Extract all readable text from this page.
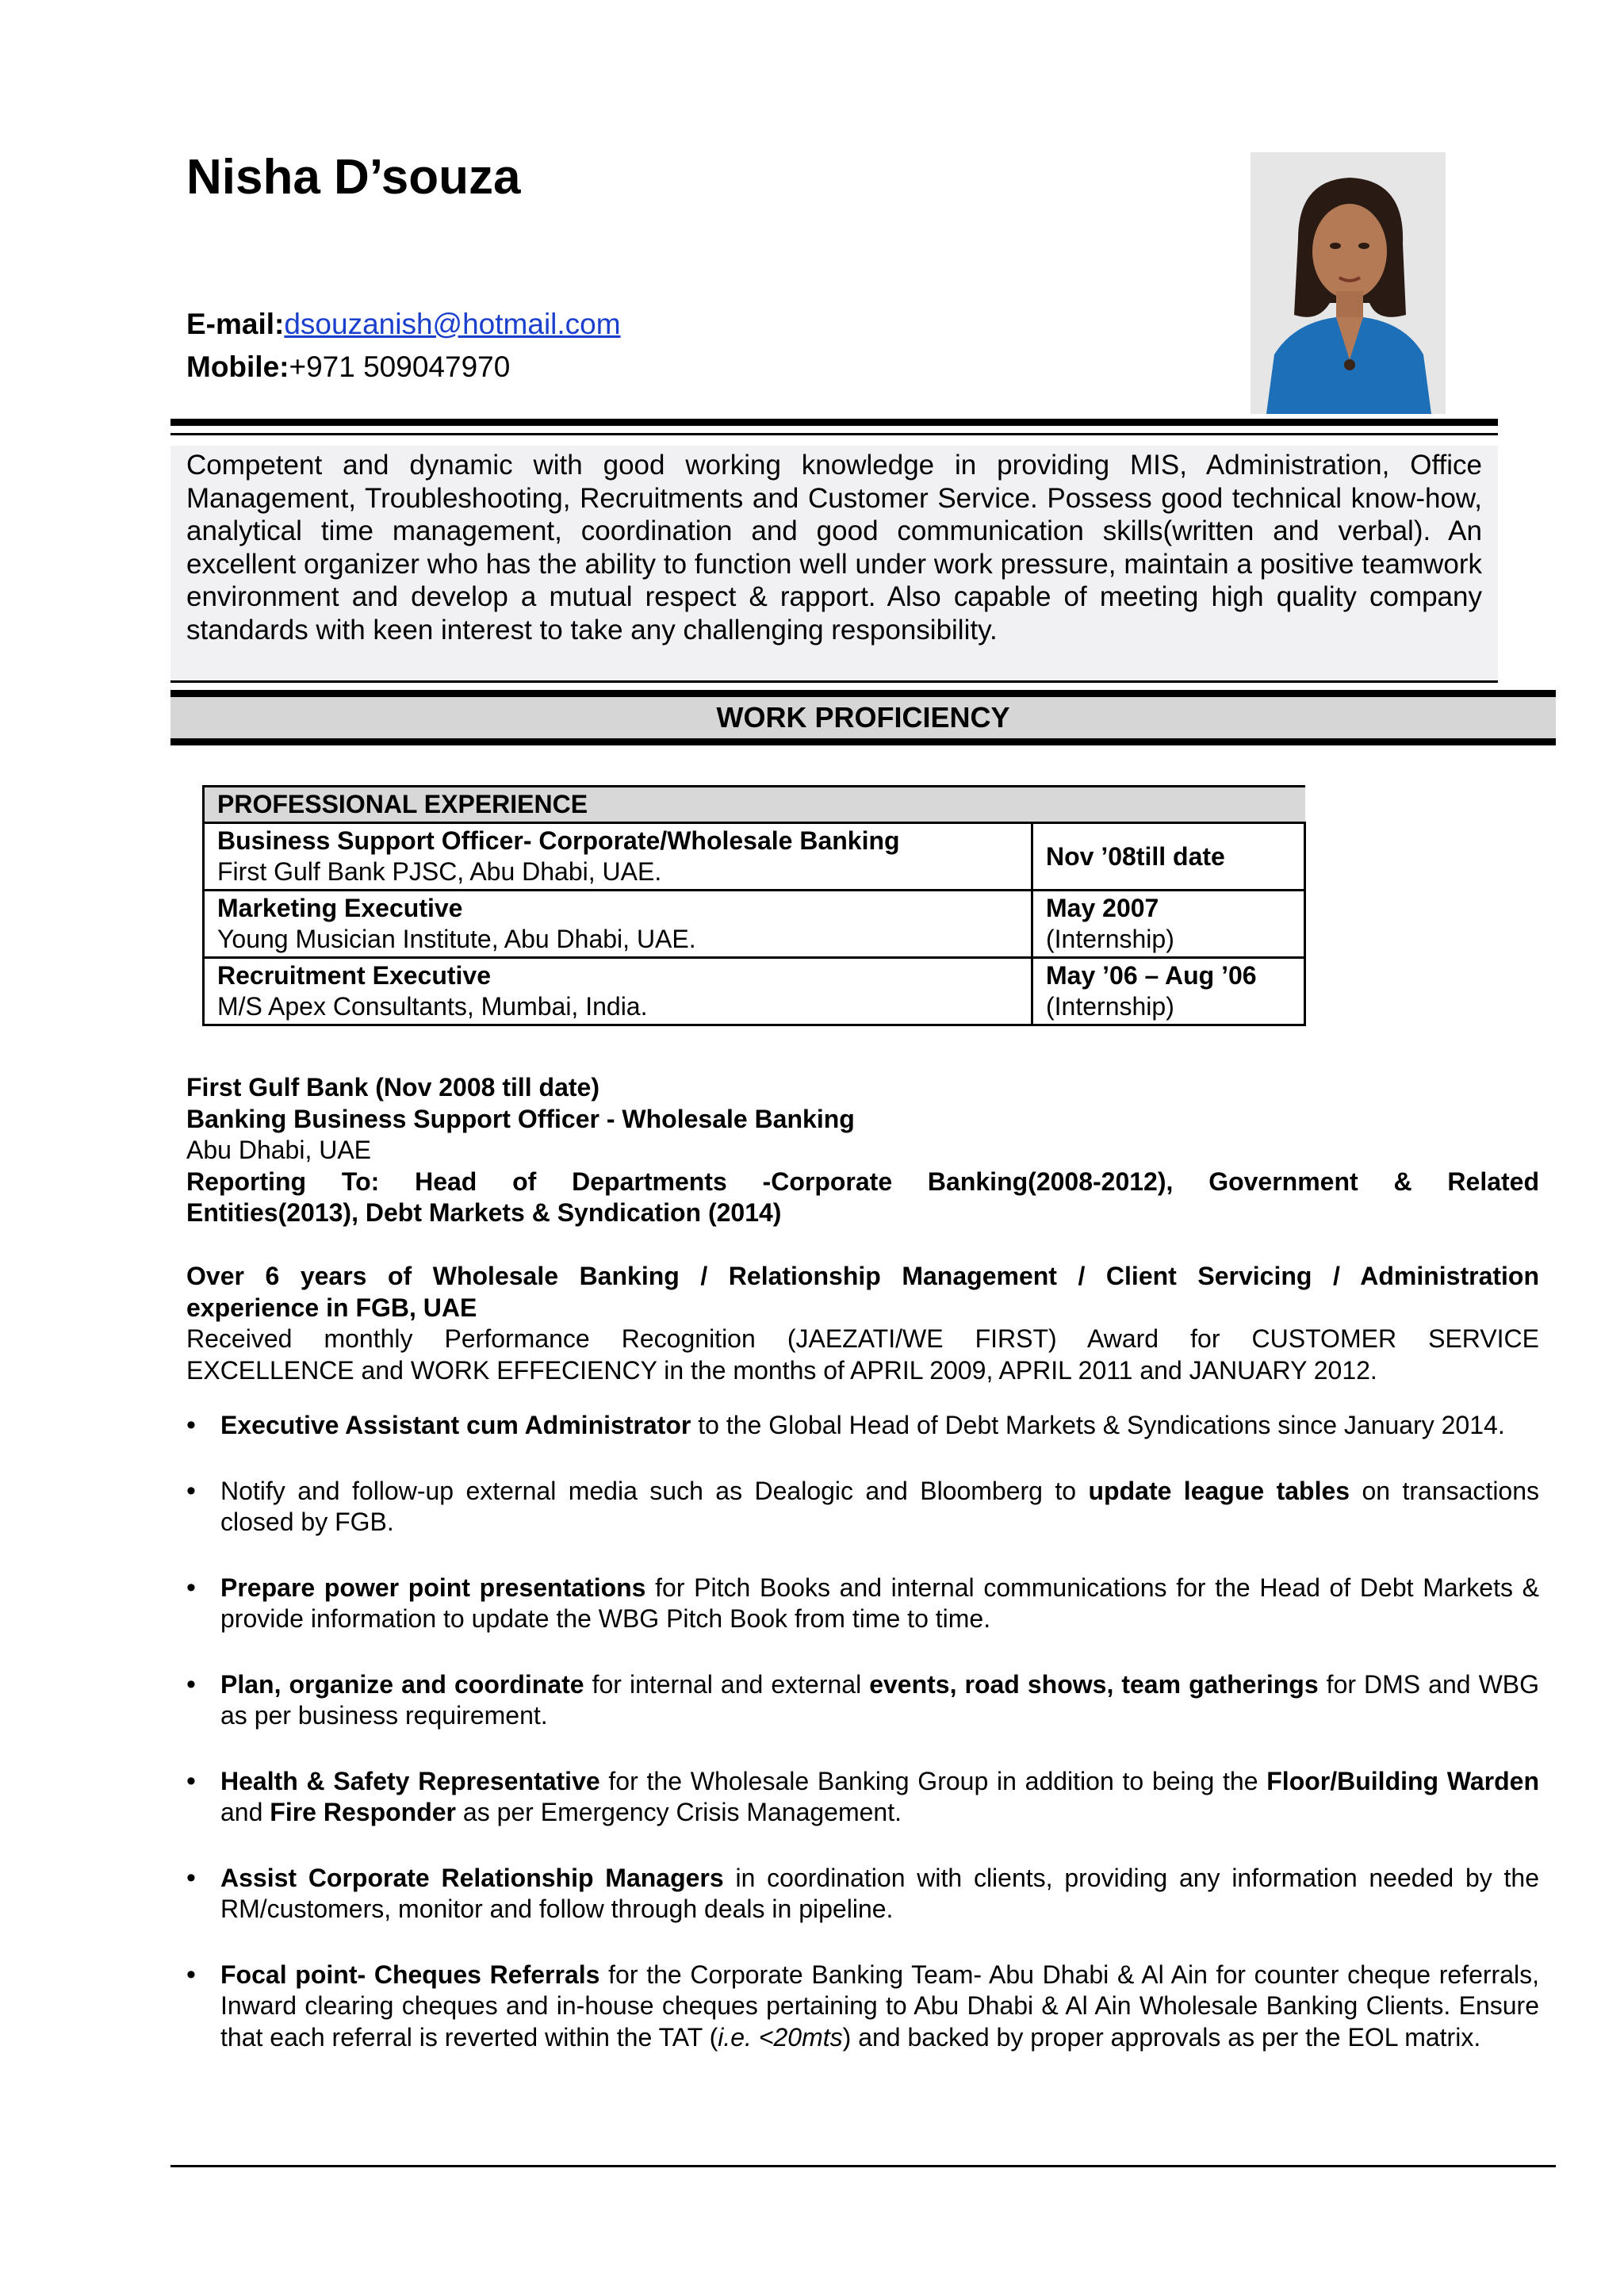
Nisha D’souza
E-mail:dsouzanish@hotmail.com
Mobile:+971 509047970

Competent and dynamic with good working knowledge in providing MIS, Administration, Office Management, Troubleshooting, Recruitments and Customer Service. Possess good technical know-how, analytical time management, coordination and good communication skills(written and verbal). An excellent organizer who has the ability to function well under work pressure, maintain a positive teamwork environment and develop a mutual respect & rapport. Also capable of meeting high quality company standards with keen interest to take any challenging responsibility.

WORK PROFICIENCY
PROFESSIONAL EXPERIENCE	
Business Support Officer- Corporate/Wholesale Banking
First Gulf Bank PJSC, Abu Dhabi, UAE.	Nov ’08till date
Marketing Executive
Young Musician Institute, Abu Dhabi, UAE.	May 2007
(Internship)
Recruitment Executive
M/S Apex Consultants, Mumbai, India.	May ’06 – Aug ’06
(Internship)
First Gulf Bank (Nov 2008 till date)
Banking Business Support Officer - Wholesale Banking
Abu Dhabi, UAE
Reporting To: Head of Departments -Corporate Banking(2008-2012), Government & Related
Entities(2013), Debt Markets & Syndication (2014)
Over 6 years of Wholesale Banking / Relationship Management / Client Servicing / Administration
experience in FGB, UAE
Received monthly Performance Recognition (JAEZATI/WE FIRST) Award for CUSTOMER SERVICE
EXCELLENCE and WORK EFFECIENCY in the months of APRIL 2009, APRIL 2011 and JANUARY 2012.
• Executive Assistant cum Administrator to the Global Head of Debt Markets & Syndications since January 2014.
• Notify and follow-up external media such as Dealogic and Bloomberg to update league tables on transactions closed by FGB.
• Prepare power point presentations for Pitch Books and internal communications for the Head of Debt Markets & provide information to update the WBG Pitch Book from time to time.
• Plan, organize and coordinate for internal and external events, road shows, team gatherings for DMS and WBG as per business requirement.
• Health & Safety Representative for the Wholesale Banking Group in addition to being the Floor/Building Warden and Fire Responder as per Emergency Crisis Management.
• Assist Corporate Relationship Managers in coordination with clients, providing any information needed by the RM/customers, monitor and follow through deals in pipeline.
• Focal point- Cheques Referrals for the Corporate Banking Team- Abu Dhabi & Al Ain for counter cheque referrals, Inward clearing cheques and in-house cheques pertaining to Abu Dhabi & Al Ain Wholesale Banking Clients. Ensure that each referral is reverted within the TAT (i.e. <20mts) and backed by proper approvals as per the EOL matrix.
